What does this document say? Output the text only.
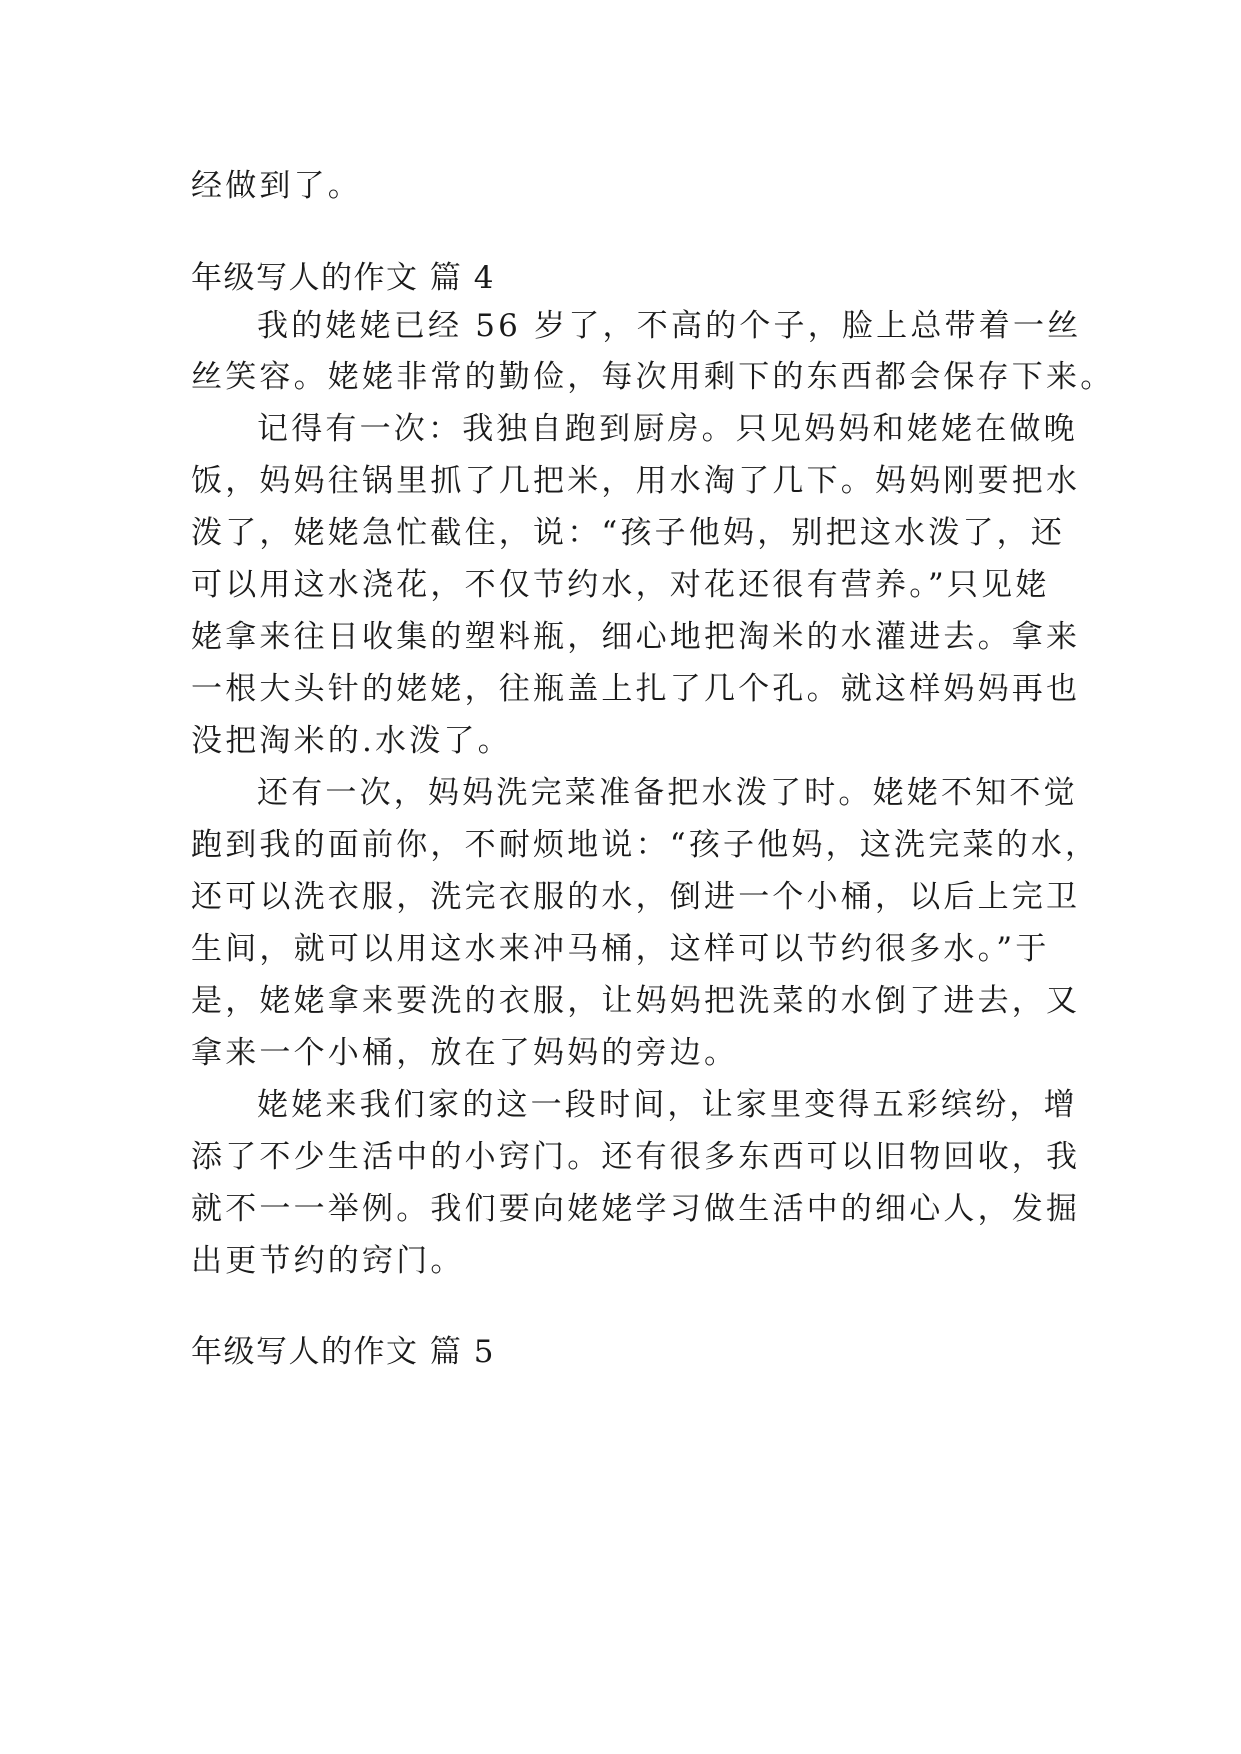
经做到了。
年级写人的作文 篇 4
我的姥姥已经 56 岁了，不高的个子，脸上总带着一丝
丝笑容。姥姥非常的勤俭，每次用剩下的东西都会保存下来。
记得有一次：我独自跑到厨房。只见妈妈和姥姥在做晚
饭，妈妈往锅里抓了几把米，用水淘了几下。妈妈刚要把水
泼了，姥姥急忙截住，说：“孩子他妈，别把这水泼了，还
可以用这水浇花，不仅节约水，对花还很有营养。”只见姥
姥拿来往日收集的塑料瓶，细心地把淘米的水灌进去。拿来
一根大头针的姥姥，往瓶盖上扎了几个孔。就这样妈妈再也
没把淘米的.水泼了。
还有一次，妈妈洗完菜准备把水泼了时。姥姥不知不觉
跑到我的面前你，不耐烦地说：“孩子他妈，这洗完菜的水，
还可以洗衣服，洗完衣服的水，倒进一个小桶，以后上完卫
生间，就可以用这水来冲马桶，这样可以节约很多水。”于
是，姥姥拿来要洗的衣服，让妈妈把洗菜的水倒了进去，又
拿来一个小桶，放在了妈妈的旁边。
姥姥来我们家的这一段时间，让家里变得五彩缤纷，增
添了不少生活中的小窍门。还有很多东西可以旧物回收，我
就不一一举例。我们要向姥姥学习做生活中的细心人，发掘
出更节约的窍门。
年级写人的作文 篇 5
